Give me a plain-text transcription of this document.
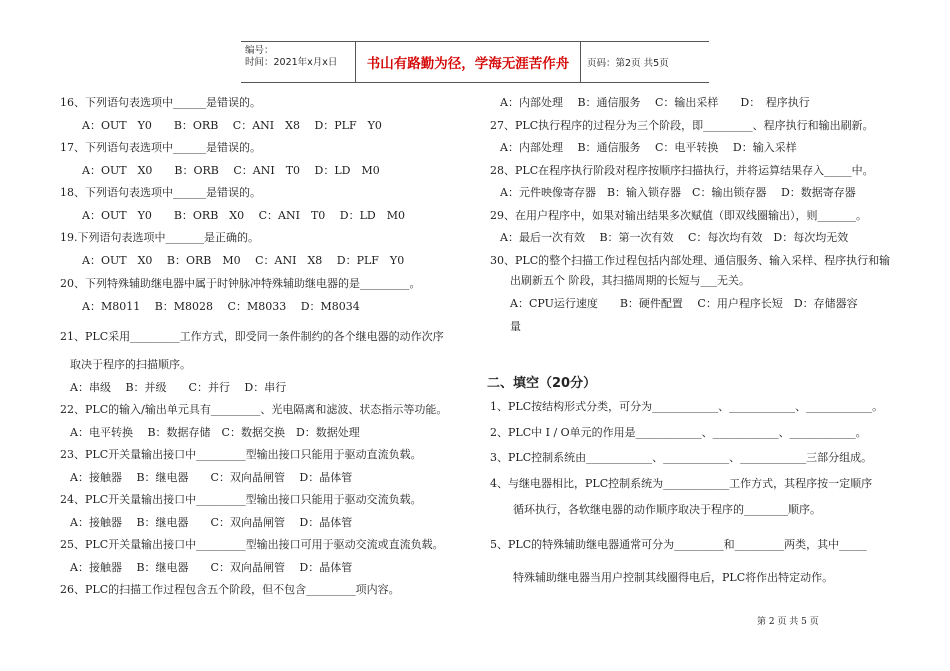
编号：
时间：2021年x月x日	书山有路勤为径，学海无涯苦作舟	页码：第2页 共5页
16、下列语句表选项中______是错误的。
A：OUT　Y0　　B：ORB　 C：ANI　X8　 D：PLF　Y0
17、下列语句表选项中______是错误的。
A：OUT　X0　　B：ORB　 C：ANI　T0　 D：LD　M0
18、下列语句表选项中______是错误的。
A：OUT　Y0　　B：ORB　X0　 C：ANI　T0　 D：LD　M0
19.下列语句表选项中_______是正确的。
A：OUT　X0　 B：ORB　M0　 C：ANI　X8　 D：PLF　Y0
20、下列特殊辅助继电器中属于时钟脉冲特殊辅助继电器的是_________。
A：M8011　 B：M8028　 C：M8033　 D：M8034
21、PLC采用_________工作方式，即受同一条件制约的各个继电器的动作次序
取决于程序的扫描顺序。
A：串级　 B：并级　　C：并行　 D：串行
22、PLC的输入/输出单元具有_________、光电隔离和滤波、状态指示等功能。
A：电平转换　 B：数据存储　C：数据交换　D：数据处理
23、PLC开关量输出接口中_________型输出接口只能用于驱动直流负载。
A：接触器　 B：继电器　　C：双向晶闸管　 D：晶体管
24、PLC开关量输出接口中_________型输出接口只能用于驱动交流负载。
A：接触器　 B：继电器　　C：双向晶闸管　 D：晶体管
25、PLC开关量输出接口中_________型输出接口可用于驱动交流或直流负载。
A：接触器　 B：继电器　　C：双向晶闸管　 D：晶体管
26、PLC的扫描工作过程包含五个阶段，但不包含_________项内容。
A：内部处理　 B：通信服务　 C：输出采样　　D：　程序执行
27、PLC执行程序的过程分为三个阶段，即_________、程序执行和输出刷新。
A：内部处理　 B：通信服务　 C：电平转换　 D：输入采样
28、PLC在程序执行阶段对程序按顺序扫描执行，并将运算结果存入_____中。
A：元件映像寄存器　B：输入锁存器　C：输出锁存器　 D：数据寄存器
29、在用户程序中，如果对输出结果多次赋值（即双线圈输出），则_______。
A：最后一次有效　 B：第一次有效　 C：每次均有效　D：每次均无效
30、PLC的整个扫描工作过程包括内部处理、通信服务、输入采样、程序执行和输
出刷新五个 阶段，其扫描周期的长短与___无关。
A：CPU运行速度　　B：硬件配置　 C：用户程序长短　D：存储器容
量
二、填空（20分）
1、PLC按结构形式分类，可分为____________、____________、____________。
2、PLC中 I / O单元的作用是____________、____________、____________。
3、PLC控制系统由____________、____________、____________三部分组成。
4、与继电器相比，PLC控制系统为____________工作方式，其程序按一定顺序
循环执行，各软继电器的动作顺序取决于程序的________顺序。
5、PLC的特殊辅助继电器通常可分为_________和_________两类，其中_____
特殊辅助继电器当用户控制其线圈得电后，PLC将作出特定动作。
第 2 页 共 5 页
